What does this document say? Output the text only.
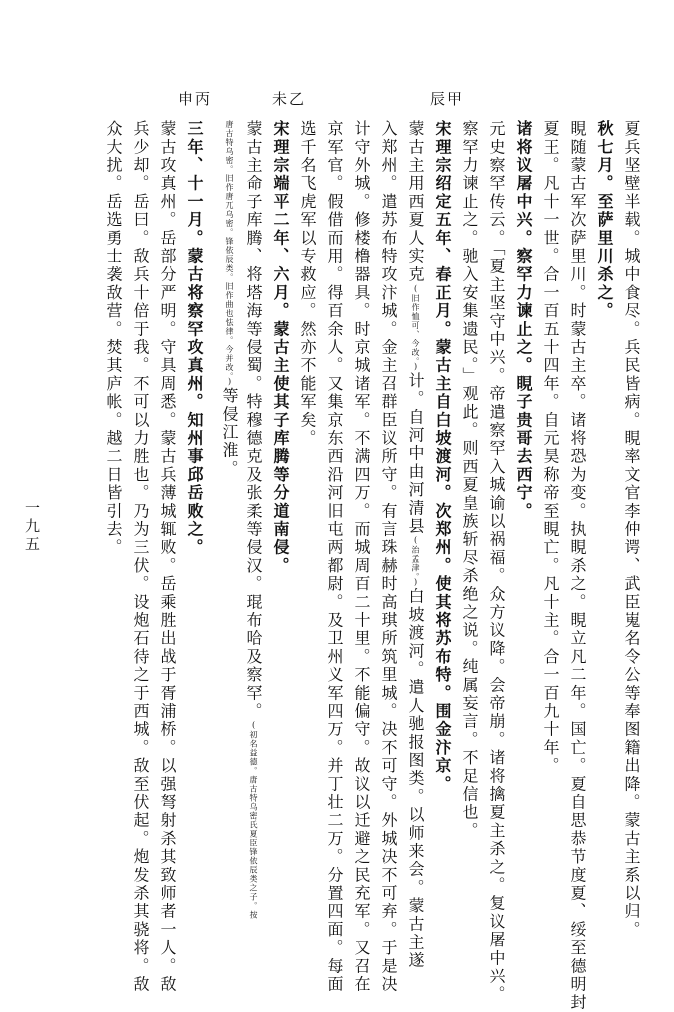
辰甲
未乙
申丙
夏兵坚壁半载。城中食尽。兵民皆病。睍率文官李仲谔、武臣嵬名令公等奉图籍出降。蒙古主系以归。
秋七月。至萨里川杀之。
睍随蒙古军次萨里川。时蒙古主卒。诸将恐为变。执睍杀之。睍立凡二年。国亡。夏自思恭节度夏、绥至德明封
夏王。凡十一世。合一百五十四年。自元昊称帝至睍亡。凡十主。合一百九十年。
诸将议屠中兴。察罕力谏止之。睍子贵哥去西宁。
元史察罕传云。「夏主坚守中兴。帝遣察罕入城谕以祸福。众方议降。会帝崩。诸将擒夏主杀之。复议屠中兴。
察罕力谏止之。驰入安集遗民。」观此。则西夏皇族斩尽杀绝之说。纯属妄言。不足信也。
宋理宗绍定五年、春正月。蒙古主自白坡渡河。次郑州。使其将苏布特。围金汴京。
蒙古主用西夏人实克(旧作恤可、今改。)计。自河中由河清县(治孟津。)白坡渡河。遣人驰报图类。以师来会。蒙古主遂
入郑州。遣苏布特攻汴城。金主召群臣议所守。有言珠赫时高琪所筑里城。决不可守。外城决不可弃。于是决
计守外城。修楼橹器具。时京城诸军。不满四万。而城周百二十里。不能偏守。故议以迁避之民充军。又召在
京军官。假借而用。得百余人。又集京东西沿河旧屯两都尉。及卫州义军四万。并丁壮二万。分置四面。每面
选千名飞虎军以专救应。然亦不能军矣。
宋理宗端平二年、六月。蒙古主使其子库腾等分道南侵。
蒙古主命子库腾、将塔海等侵蜀。特穆德克及张柔等侵汉。琨布哈及察罕。(初名益德。唐古特乌密氏夏臣锋依辰类之子。按
唐古特乌密。旧作唐兀乌密。锋依辰类。旧作曲也怯律。今并改。)等侵江淮。
三年、十一月。蒙古将察罕攻真州。知州事邱岳败之。
蒙古攻真州。岳部分严明。守具周悉。蒙古兵薄城辄败。岳乘胜出战于胥浦桥。以强弩射杀其致师者一人。敌
兵少却。岳曰。敌兵十倍于我。不可以力胜也。乃为三伏。设炮石待之于西城。敌至伏起。炮发杀其骁将。敌
众大扰。岳选勇士袭敌营。焚其庐帐。越二日皆引去。
一九五
